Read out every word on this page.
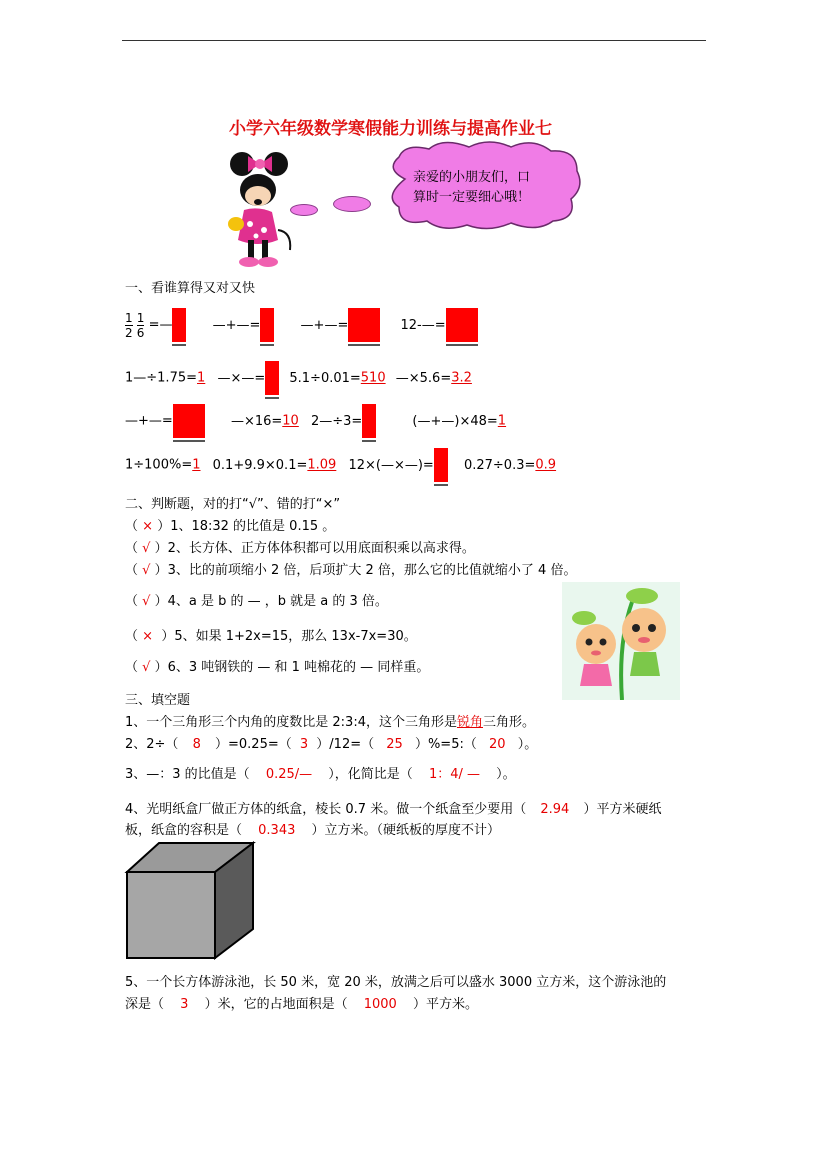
小学六年级数学寒假能力训练与提高作业七
亲爱的小朋友们，口
算时一定要细心哦！
一、看谁算得又对又快
$\frac{1}{2}$
$\frac{1}{6}$ =—	—+—=	—+—=	12-—=
1—÷1.75=1 —×—= 5.1÷0.01=510 —×5.6=3.2
—+—=	—×16=10 2—÷3=	(—+—)×48=1
1÷100%=1 0.1+9.9×0.1=1.09 12×(—×—)= 0.27÷0.3=0.9
二、判断题，对的打“√”、错的打“×”
（ × ）1、18:32 的比值是 0.15 。
（ √ ）2、长方体、正方体体积都可以用底面积乘以高求得。
（ √ ）3、比的前项缩小 2 倍，后项扩大 2 倍，那么它的比值就缩小了 4 倍。
（ √ ）4、a 是 b 的 — ，b 就是 a 的 3 倍。
（ × ）5、如果 1+2x=15，那么 13x-7x=30。
（ √ ）6、3 吨钢铁的 — 和 1 吨棉花的 — 同样重。
三、填空题
1、一个三角形三个内角的度数比是 2:3:4，这个三角形是锐角三角形。
2、2÷（ 8 ）=0.25=（ 3 ）/12=（ 25 ）%=5:（ 20 ）。
3、—：3 的比值是（ 0.25/— ），化简比是（ 1：4/ — ）。
4、光明纸盒厂做正方体的纸盒，棱长 0.7 米。做一个纸盒至少要用（ 2.94 ）平方米硬纸
板，纸盒的容积是（ 0.343 ）立方米。（硬纸板的厚度不计）
5、一个长方体游泳池，长 50 米，宽 20 米，放满之后可以盛水 3000 立方米，这个游泳池的
深是（ 3 ）米，它的占地面积是（ 1000 ）平方米。
